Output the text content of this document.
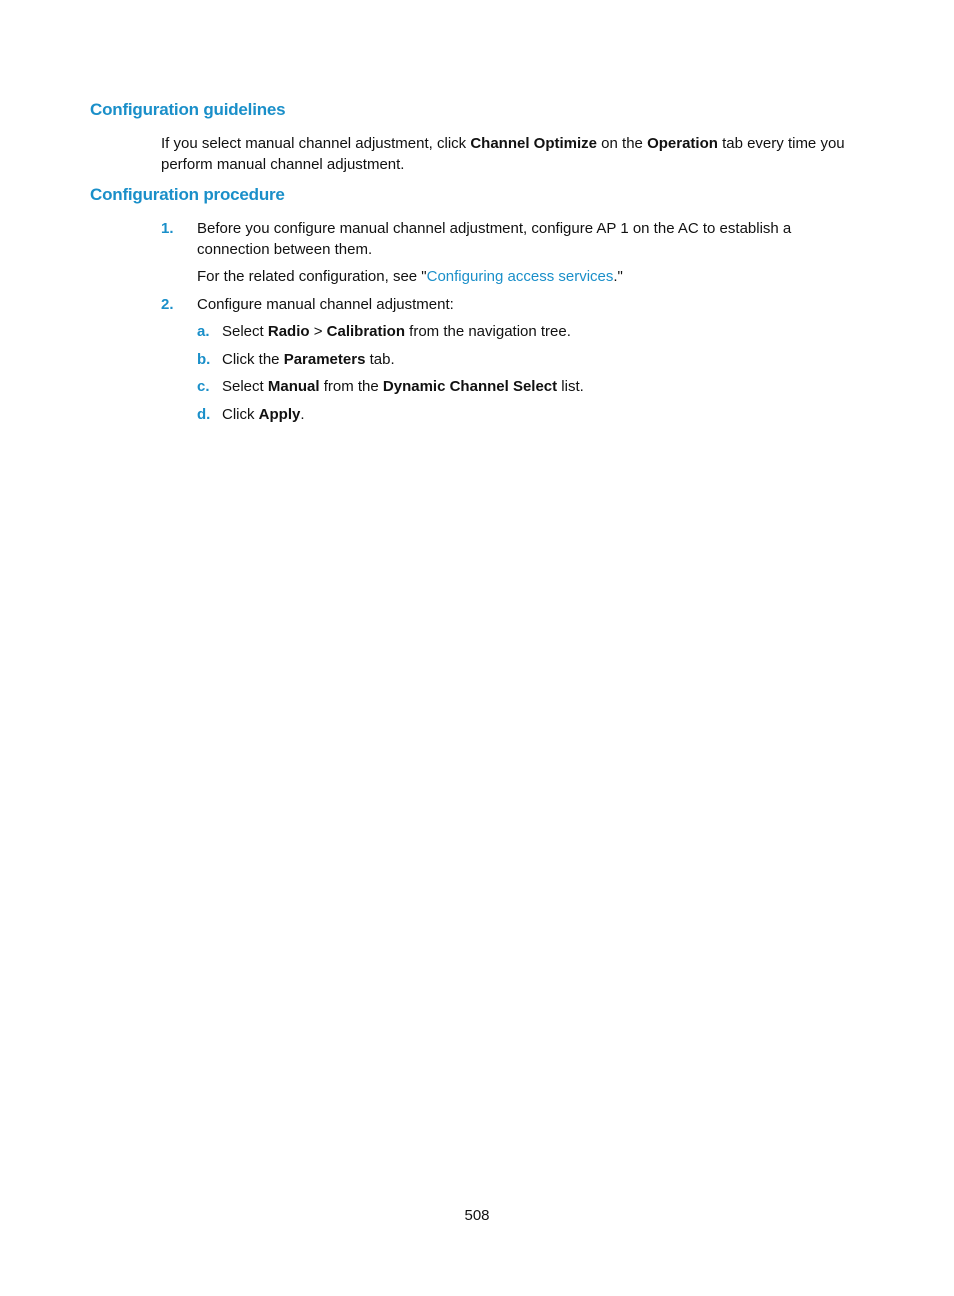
Configuration guidelines

If you select manual channel adjustment, click Channel Optimize on the Operation tab every time you
perform manual channel adjustment.

Configuration procedure
1. Before you configure manual channel adjustment, configure AP 1 on the AC to establish a
connection between them.

For the related configuration, see "Configuring access services."

2. Configure manual channel adjustment:

a. Select Radio > Calibration from the navigation tree.

b. Click the Parameters tab.

c. Select Manual from the Dynamic Channel Select list.

d. Click Apply.

508
